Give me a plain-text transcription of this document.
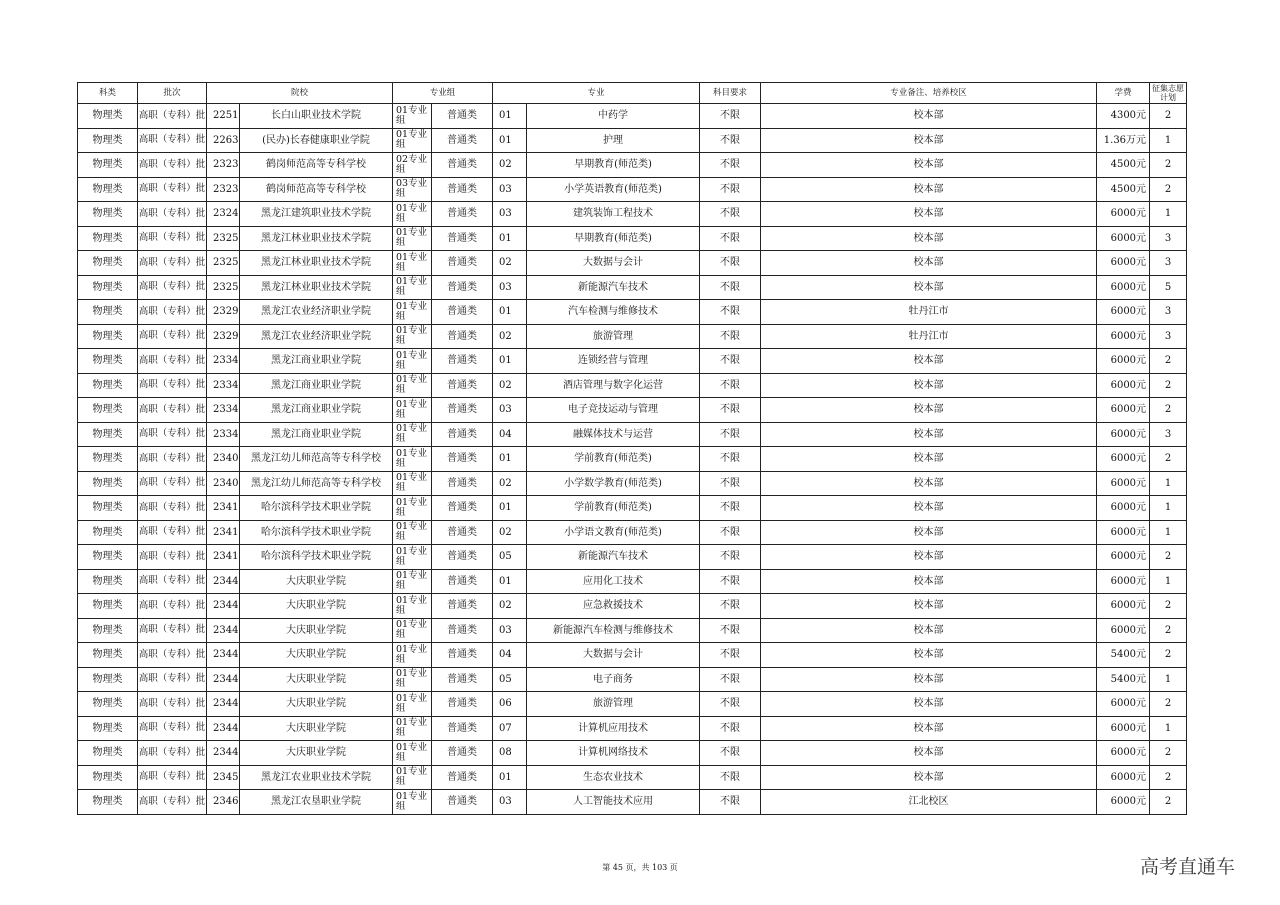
科类	批次	院校		专业组		专业		科目要求	专业备注、培养校区	学费	征集志愿计划
物理类	高职（专科）批	2251	长白山职业技术学院	01专业组	普通类	01	中药学	不限	校本部	4300元	2
物理类	高职（专科）批	2263	(民办)长春健康职业学院	01专业组	普通类	01	护理	不限	校本部	1.36万元	1
物理类	高职（专科）批	2323	鹤岗师范高等专科学校	02专业组	普通类	02	早期教育(师范类)	不限	校本部	4500元	2
物理类	高职（专科）批	2323	鹤岗师范高等专科学校	03专业组	普通类	03	小学英语教育(师范类)	不限	校本部	4500元	2
物理类	高职（专科）批	2324	黑龙江建筑职业技术学院	01专业组	普通类	03	建筑装饰工程技术	不限	校本部	6000元	1
物理类	高职（专科）批	2325	黑龙江林业职业技术学院	01专业组	普通类	01	早期教育(师范类)	不限	校本部	6000元	3
物理类	高职（专科）批	2325	黑龙江林业职业技术学院	01专业组	普通类	02	大数据与会计	不限	校本部	6000元	3
物理类	高职（专科）批	2325	黑龙江林业职业技术学院	01专业组	普通类	03	新能源汽车技术	不限	校本部	6000元	5
物理类	高职（专科）批	2329	黑龙江农业经济职业学院	01专业组	普通类	01	汽车检测与维修技术	不限	牡丹江市	6000元	3
物理类	高职（专科）批	2329	黑龙江农业经济职业学院	01专业组	普通类	02	旅游管理	不限	牡丹江市	6000元	3
物理类	高职（专科）批	2334	黑龙江商业职业学院	01专业组	普通类	01	连锁经营与管理	不限	校本部	6000元	2
物理类	高职（专科）批	2334	黑龙江商业职业学院	01专业组	普通类	02	酒店管理与数字化运营	不限	校本部	6000元	2
物理类	高职（专科）批	2334	黑龙江商业职业学院	01专业组	普通类	03	电子竞技运动与管理	不限	校本部	6000元	2
物理类	高职（专科）批	2334	黑龙江商业职业学院	01专业组	普通类	04	融媒体技术与运营	不限	校本部	6000元	3
物理类	高职（专科）批	2340	黑龙江幼儿师范高等专科学校	01专业组	普通类	01	学前教育(师范类)	不限	校本部	6000元	2
物理类	高职（专科）批	2340	黑龙江幼儿师范高等专科学校	01专业组	普通类	02	小学数学教育(师范类)	不限	校本部	6000元	1
物理类	高职（专科）批	2341	哈尔滨科学技术职业学院	01专业组	普通类	01	学前教育(师范类)	不限	校本部	6000元	1
物理类	高职（专科）批	2341	哈尔滨科学技术职业学院	01专业组	普通类	02	小学语文教育(师范类)	不限	校本部	6000元	1
物理类	高职（专科）批	2341	哈尔滨科学技术职业学院	01专业组	普通类	05	新能源汽车技术	不限	校本部	6000元	2
物理类	高职（专科）批	2344	大庆职业学院	01专业组	普通类	01	应用化工技术	不限	校本部	6000元	1
物理类	高职（专科）批	2344	大庆职业学院	01专业组	普通类	02	应急救援技术	不限	校本部	6000元	2
物理类	高职（专科）批	2344	大庆职业学院	01专业组	普通类	03	新能源汽车检测与维修技术	不限	校本部	6000元	2
物理类	高职（专科）批	2344	大庆职业学院	01专业组	普通类	04	大数据与会计	不限	校本部	5400元	2
物理类	高职（专科）批	2344	大庆职业学院	01专业组	普通类	05	电子商务	不限	校本部	5400元	1
物理类	高职（专科）批	2344	大庆职业学院	01专业组	普通类	06	旅游管理	不限	校本部	6000元	2
物理类	高职（专科）批	2344	大庆职业学院	01专业组	普通类	07	计算机应用技术	不限	校本部	6000元	1
物理类	高职（专科）批	2344	大庆职业学院	01专业组	普通类	08	计算机网络技术	不限	校本部	6000元	2
物理类	高职（专科）批	2345	黑龙江农业职业技术学院	01专业组	普通类	01	生态农业技术	不限	校本部	6000元	2
物理类	高职（专科）批	2346	黑龙江农垦职业学院	01专业组	普通类	03	人工智能技术应用	不限	江北校区	6000元	2
第 45 页，共 103 页	高考直通车
